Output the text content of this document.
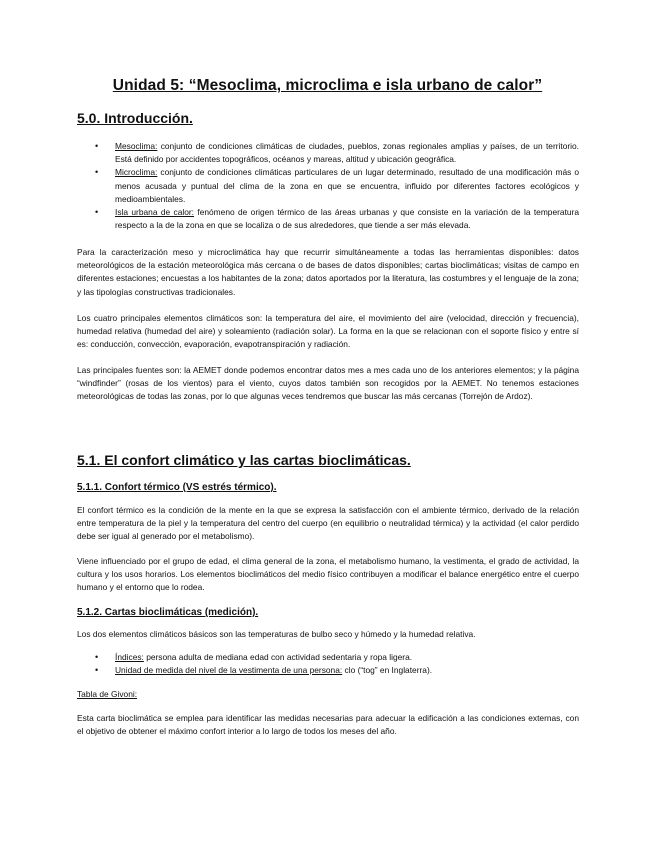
Unidad 5: “Mesoclima, microclima e isla urbano de calor”
5.0. Introducción.
• Mesoclima: conjunto de condiciones climáticas de ciudades, pueblos, zonas regionales amplias y países, de un territorio. Está definido por accidentes topográficos, océanos y mareas, altitud y ubicación geográfica.
• Microclima: conjunto de condiciones climáticas particulares de un lugar determinado, resultado de una modificación más o menos acusada y puntual del clima de la zona en que se encuentra, influido por diferentes factores ecológicos y medioambientales.
• Isla urbana de calor: fenómeno de origen térmico de las áreas urbanas y que consiste en la variación de la temperatura respecto a la de la zona en que se localiza o de sus alrededores, que tiende a ser más elevada.

Para la caracterización meso y microclimática hay que recurrir simultáneamente a todas las herramientas disponibles: datos meteorológicos de la estación meteorológica más cercana o de bases de datos disponibles; cartas bioclimáticas; visitas de campo en diferentes estaciones; encuestas a los habitantes de la zona; datos aportados por la literatura, las costumbres y el lenguaje de la zona; y las tipologías constructivas tradicionales.

Los cuatro principales elementos climáticos son: la temperatura del aire, el movimiento del aire (velocidad, dirección y frecuencia), humedad relativa (humedad del aire) y soleamiento (radiación solar). La forma en la que se relacionan con el soporte físico y entre sí es: conducción, convección, evaporación, evapotranspiración y radiación.

Las principales fuentes son: la AEMET donde podemos encontrar datos mes a mes cada uno de los anteriores elementos; y la página “windfinder” (rosas de los vientos) para el viento, cuyos datos también son recogidos por la AEMET. No tenemos estaciones meteorológicas de todas las zonas, por lo que algunas veces tendremos que buscar las más cercanas (Torrejón de Ardoz).

5.1. El confort climático y las cartas bioclimáticas.
5.1.1. Confort térmico (VS estrés térmico).

El confort térmico es la condición de la mente en la que se expresa la satisfacción con el ambiente térmico, derivado de la relación entre temperatura de la piel y la temperatura del centro del cuerpo (en equilibrio o neutralidad térmica) y la actividad (el calor perdido debe ser igual al generado por el metabolismo).

Viene influenciado por el grupo de edad, el clima general de la zona, el metabolismo humano, la vestimenta, el grado de actividad, la cultura y los usos horarios. Los elementos bioclimáticos del medio físico contribuyen a modificar el balance energético entre el cuerpo humano y el entorno que lo rodea.

5.1.2. Cartas bioclimáticas (medición).

Los dos elementos climáticos básicos son las temperaturas de bulbo seco y húmedo y la humedad relativa.

• Índices: persona adulta de mediana edad con actividad sedentaria y ropa ligera.
• Unidad de medida del nivel de la vestimenta de una persona: clo (“tog” en Inglaterra).
Tabla de Givoni:

Esta carta bioclimática se emplea para identificar las medidas necesarias para adecuar la edificación a las condiciones externas, con el objetivo de obtener el máximo confort interior a lo largo de todos los meses del año.
